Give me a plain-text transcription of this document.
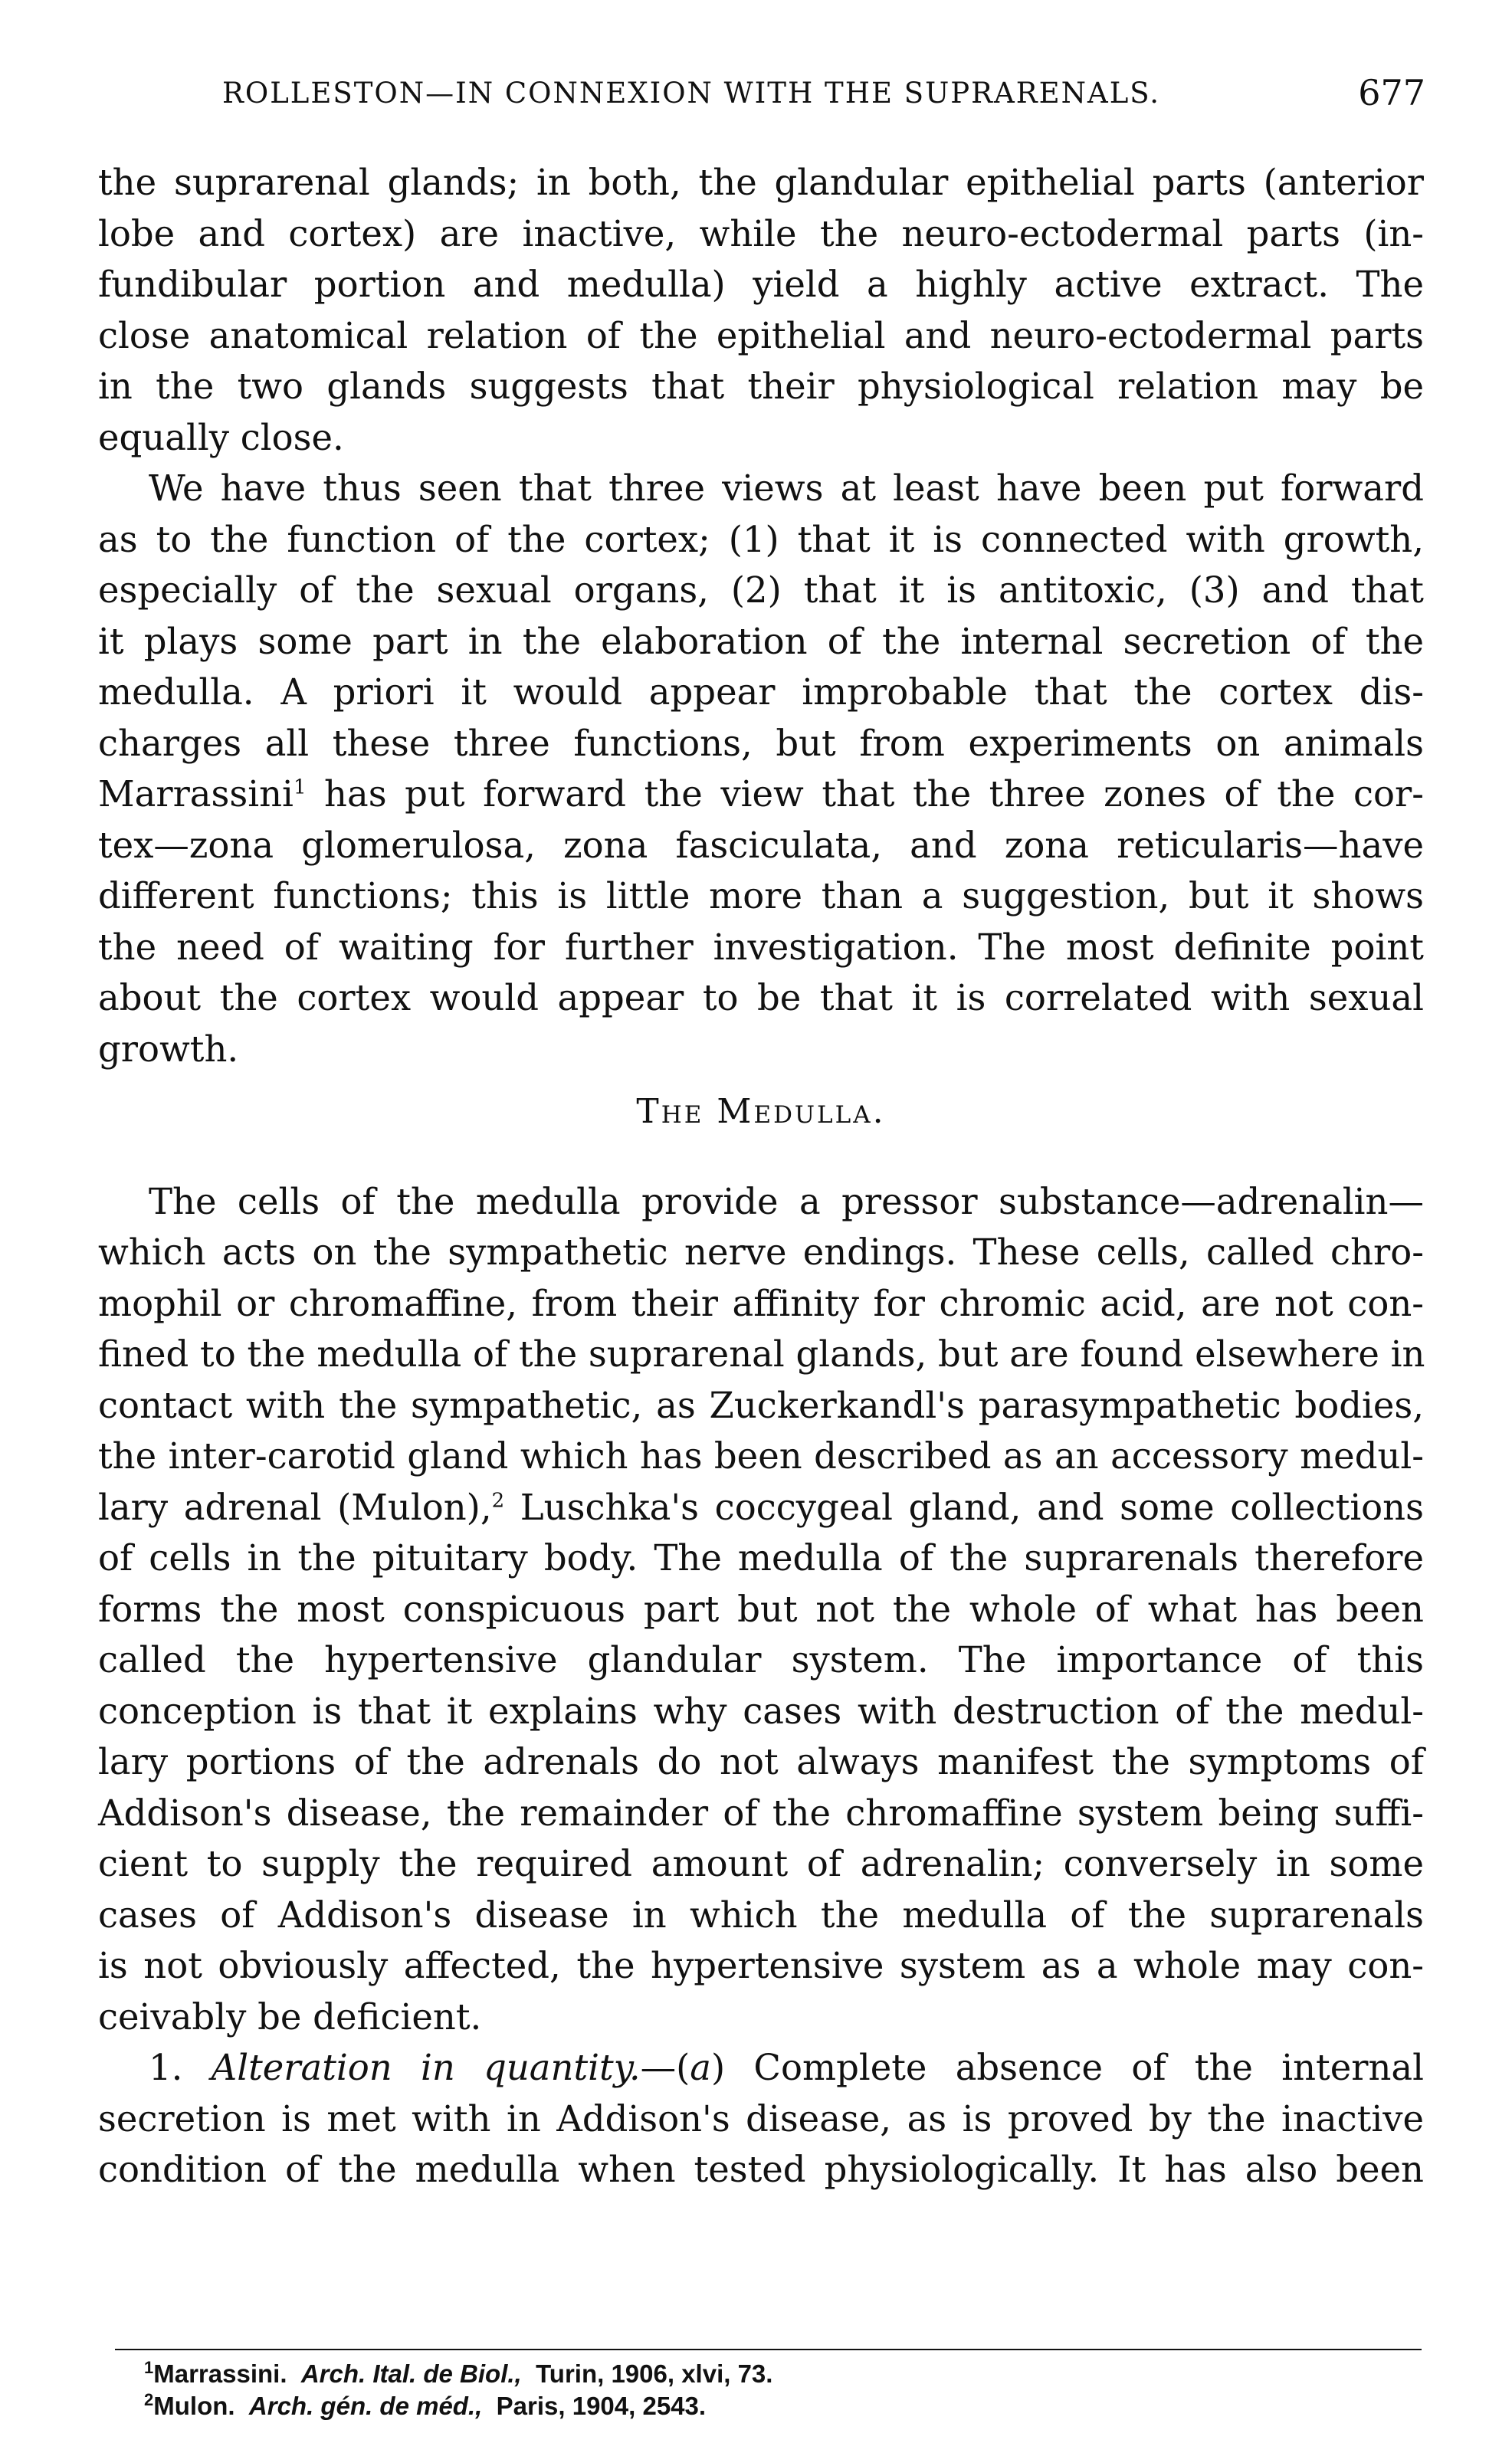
ROLLESTON—IN CONNEXION WITH THE SUPRARENALS.	677
the suprarenal glands; in both, the glandular epithelial parts (anterior
lobe and cortex) are inactive, while the neuro-ectodermal parts (in-
fundibular portion and medulla) yield a highly active extract. The
close anatomical relation of the epithelial and neuro-ectodermal parts
in the two glands suggests that their physiological relation may be
equally close.
We have thus seen that three views at least have been put forward
as to the function of the cortex; (1) that it is connected with growth,
especially of the sexual organs, (2) that it is antitoxic, (3) and that
it plays some part in the elaboration of the internal secretion of the
medulla. A priori it would appear improbable that the cortex dis-
charges all these three functions, but from experiments on animals
Marrassini$^1$ has put forward the view that the three zones of the cor-
tex—zona glomerulosa, zona fasciculata, and zona reticularis—have
different functions; this is little more than a suggestion, but it shows
the need of waiting for further investigation. The most definite point
about the cortex would appear to be that it is correlated with sexual
growth.
The Medulla.
The cells of the medulla provide a pressor substance—adrenalin—
which acts on the sympathetic nerve endings. These cells, called chro-
mophil or chromaffine, from their affinity for chromic acid, are not con-
fined to the medulla of the suprarenal glands, but are found elsewhere in
contact with the sympathetic, as Zuckerkandl's parasympathetic bodies,
the inter-carotid gland which has been described as an accessory medul-
lary adrenal (Mulon),$^2$ Luschka's coccygeal gland, and some collections
of cells in the pituitary body. The medulla of the suprarenals therefore
forms the most conspicuous part but not the whole of what has been
called the hypertensive glandular system. The importance of this
conception is that it explains why cases with destruction of the medul-
lary portions of the adrenals do not always manifest the symptoms of
Addison's disease, the remainder of the chromaffine system being suffi-
cient to supply the required amount of adrenalin; conversely in some
cases of Addison's disease in which the medulla of the suprarenals
is not obviously affected, the hypertensive system as a whole may con-
ceivably be deficient.
1. Alteration in quantity.—(a) Complete absence of the internal
secretion is met with in Addison's disease, as is proved by the inactive
condition of the medulla when tested physiologically. It has also been
$^1$Marrassini. Arch. Ital. de Biol., Turin, 1906, xlvi, 73.
$^2$Mulon. Arch. gén. de méd., Paris, 1904, 2543.
